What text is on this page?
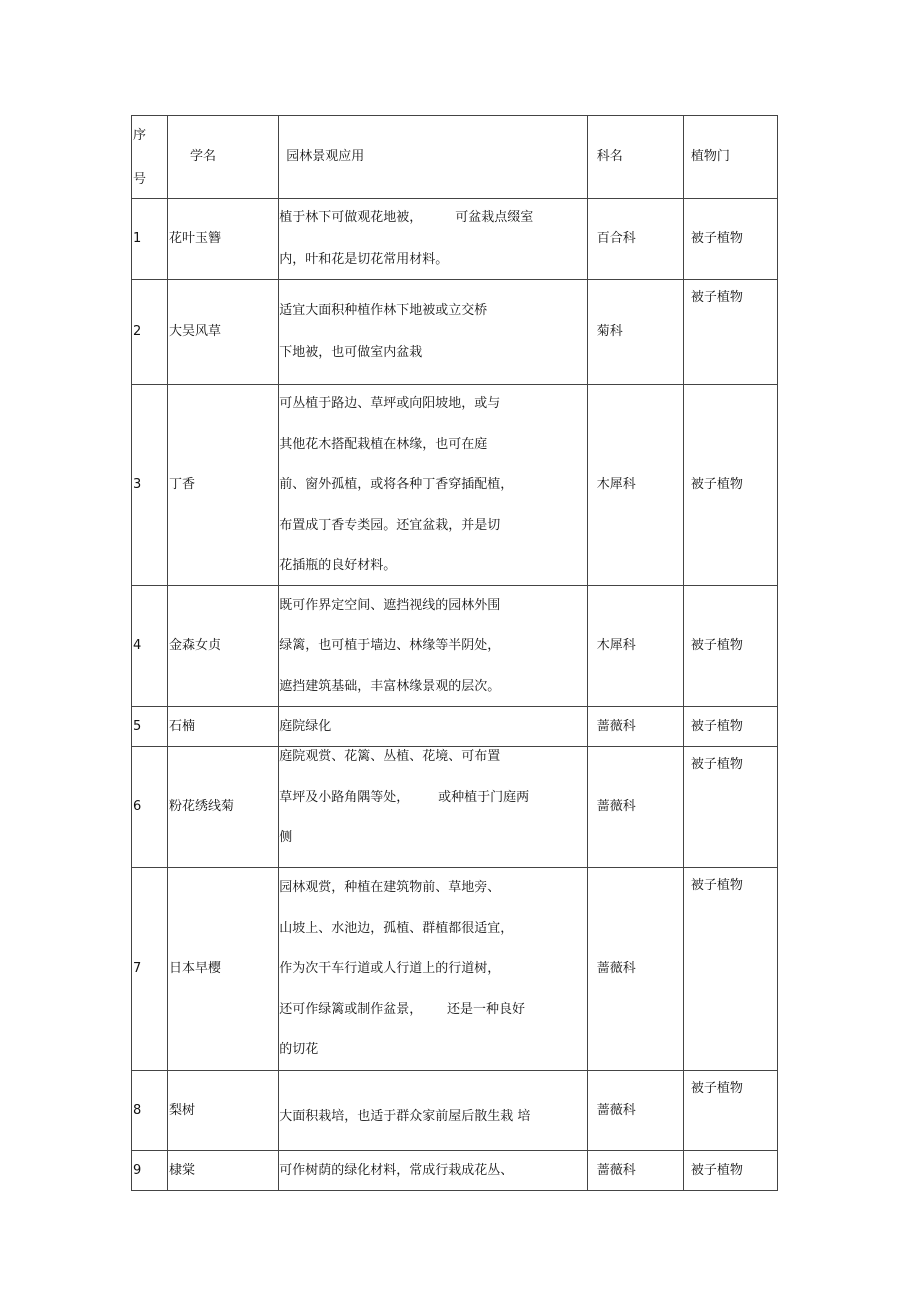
序
号	学名	园林景观应用	科名	植物门
1	花叶玉簪	植于林下可做观花地被，        可盆栽点缀室
内，叶和花是切花常用材料。	百合科	被子植物
2	大吴风草	适宜大面积种植作林下地被或立交桥
下地被，也可做室内盆栽	菊科	被子植物

3	丁香	可丛植于路边、草坪或向阳坡地，或与
其他花木搭配栽植在林缘，也可在庭
前、窗外孤植，或将各种丁香穿插配植，
布置成丁香专类园。还宜盆栽，并是切
花插瓶的良好材料。	木犀科	被子植物
4	金森女贞	既可作界定空间、遮挡视线的园林外围
绿篱，也可植于墙边、林缘等半阴处，
遮挡建筑基础，丰富林缘景观的层次。	木犀科	被子植物
5	石楠	庭院绿化	蔷薇科	被子植物
6	粉花绣线菊	庭院观赏、花篱、丛植、花境、可布置
草坪及小路角隅等处，       或种植于门庭两
侧	蔷薇科	被子植物

7	日本早樱	园林观赏，种植在建筑物前、草地旁、
山坡上、水池边，孤植、群植都很适宜，
作为次干车行道或人行道上的行道树，
还可作绿篱或制作盆景，      还是一种良好
的切花	蔷薇科	被子植物

8	梨树	大面积栽培，也适于群众家前屋后散生栽 培	蔷薇科	被子植物

9	棣棠	可作树荫的绿化材料，常成行栽成花丛、	蔷薇科	被子植物
